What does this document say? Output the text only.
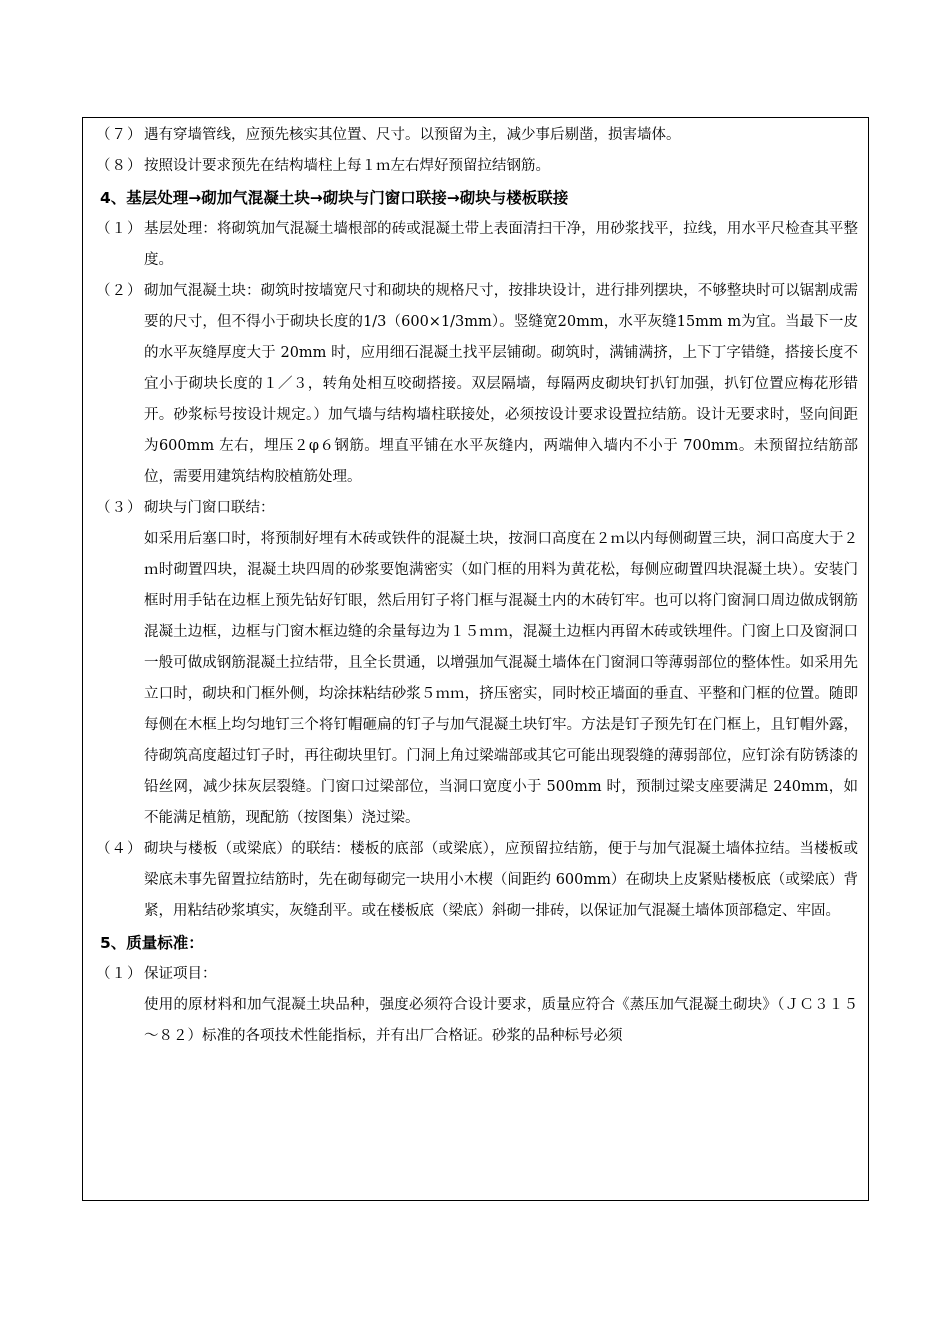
（７） 遇有穿墙管线，应预先核实其位置、尺寸。以预留为主，减少事后剔凿，损害墙体。
（８） 按照设计要求预先在结构墙柱上每１ｍ左右焊好预留拉结钢筋。
4、基层处理→砌加气混凝土块→砌块与门窗口联接→砌块与楼板联接
（１） 基层处理：将砌筑加气混凝土墙根部的砖或混凝土带上表面清扫干净，用砂浆找平，拉线，用水平尺检查其平整度。
（２） 砌加气混凝土块：砌筑时按墙宽尺寸和砌块的规格尺寸，按排块设计，进行排列摆块，不够整块时可以锯割成需要的尺寸，但不得小于砌块长度的1/3（600×1/3mm）。竖缝宽20mm，水平灰缝15mm m为宜。当最下一皮的水平灰缝厚度大于 20mm 时，应用细石混凝土找平层铺砌。砌筑时，满铺满挤，上下丁字错缝，搭接长度不宜小于砌块长度的１／３，转角处相互咬砌搭接。双层隔墙，每隔两皮砌块钉扒钉加强，扒钉位置应梅花形错开。砂浆标号按设计规定。）加气墙与结构墙柱联接处，必须按设计要求设置拉结筋。设计无要求时，竖向间距为600mm 左右，埋压２φ６钢筋。埋直平铺在水平灰缝内，两端伸入墙内不小于 700mm。未预留拉结筋部位，需要用建筑结构胶植筋处理。
（３） 砌块与门窗口联结：
如采用后塞口时，将预制好埋有木砖或铁件的混凝土块，按洞口高度在２ｍ以内每侧砌置三块，洞口高度大于２ｍ时砌置四块，混凝土块四周的砂浆要饱满密实（如门框的用料为黄花松，每侧应砌置四块混凝土块）。安装门框时用手钻在边框上预先钻好钉眼，然后用钉子将门框与混凝土内的木砖钉牢。也可以将门窗洞口周边做成钢筋混凝土边框，边框与门窗木框边缝的余量每边为１５ｍｍ，混凝土边框内再留木砖或铁埋件。门窗上口及窗洞口一般可做成钢筋混凝土拉结带，且全长贯通，以增强加气混凝土墙体在门窗洞口等薄弱部位的整体性。如采用先立口时，砌块和门框外侧，均涂抹粘结砂浆５ｍｍ，挤压密实，同时校正墙面的垂直、平整和门框的位置。随即每侧在木框上均匀地钉三个将钉帽砸扁的钉子与加气混凝土块钉牢。方法是钉子预先钉在门框上，且钉帽外露，待砌筑高度超过钉子时，再往砌块里钉。门洞上角过梁端部或其它可能出现裂缝的薄弱部位，应钉涂有防锈漆的铅丝网，减少抹灰层裂缝。门窗口过梁部位，当洞口宽度小于 500mm 时，预制过梁支座要满足 240mm，如不能满足植筋，现配筋（按图集）浇过梁。
（４） 砌块与楼板（或梁底）的联结：楼板的底部（或梁底），应预留拉结筋，便于与加气混凝土墙体拉结。当楼板或梁底未事先留置拉结筋时，先在砌每砌完一块用小木楔（间距约 600mm）在砌块上皮紧贴楼板底（或梁底）背紧，用粘结砂浆填实，灰缝刮平。或在楼板底（梁底）斜砌一排砖，以保证加气混凝土墙体顶部稳定、牢固。
5、质量标准：
（１） 保证项目：
使用的原材料和加气混凝土块品种，强度必须符合设计要求，质量应符合《蒸压加气混凝土砌块》（ＪＣ３１５～８２）标准的各项技术性能指标，并有出厂合格证。砂浆的品种标号必须
